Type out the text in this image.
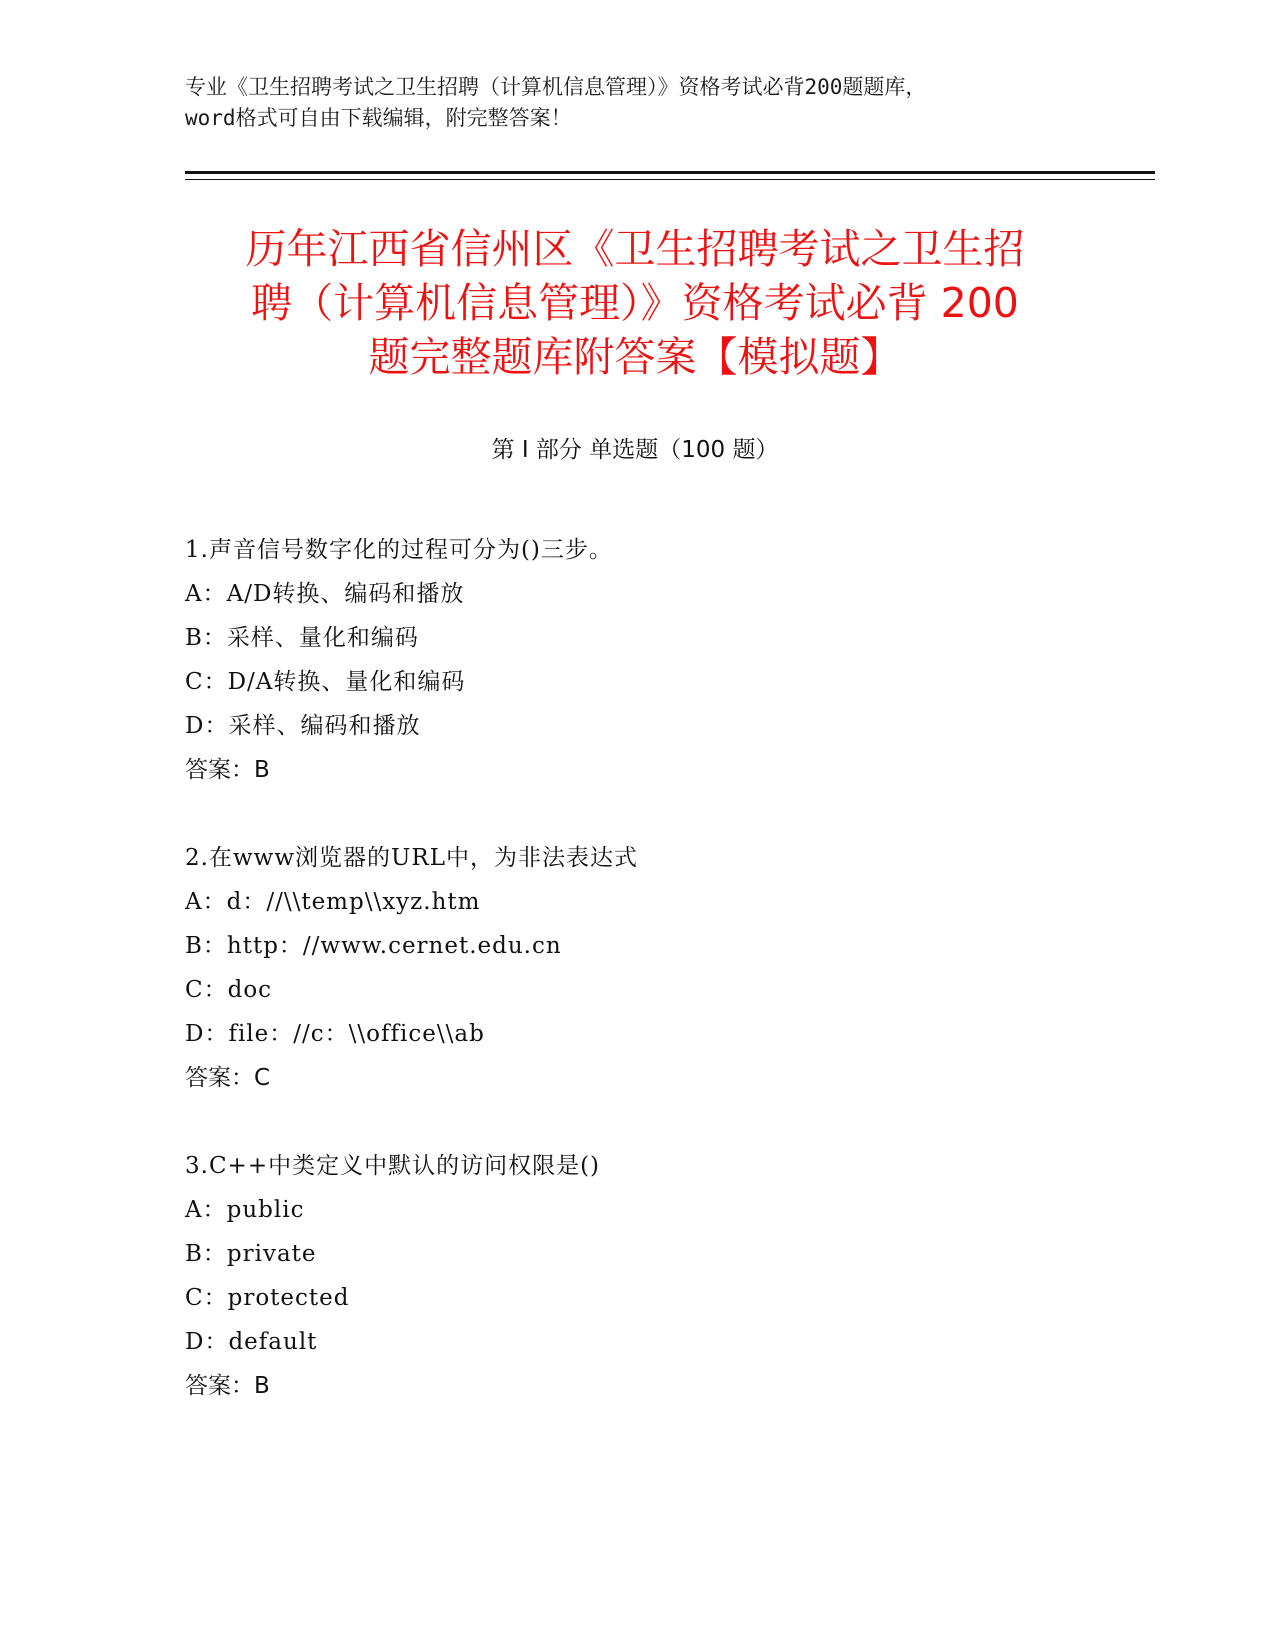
专业《卫生招聘考试之卫生招聘（计算机信息管理）》资格考试必背200题题库，
word格式可自由下载编辑，附完整答案！
历年江西省信州区《卫生招聘考试之卫生招
聘（计算机信息管理）》资格考试必背 200
题完整题库附答案【模拟题】
第 I 部分 单选题（100 题）
1.声音信号数字化的过程可分为()三步。
A：A/D转换、编码和播放
B：采样、量化和编码
C：D/A转换、量化和编码
D：采样、编码和播放
答案：B
2.在www浏览器的URL中，为非法表达式
A：d：//\\temp\\xyz.htm
B：http：//www.cernet.edu.cn
C：doc
D：file：//c：\\office\\ab
答案：C
3.C++中类定义中默认的访问权限是()
A：public
B：private
C：protected
D：default
答案：B
